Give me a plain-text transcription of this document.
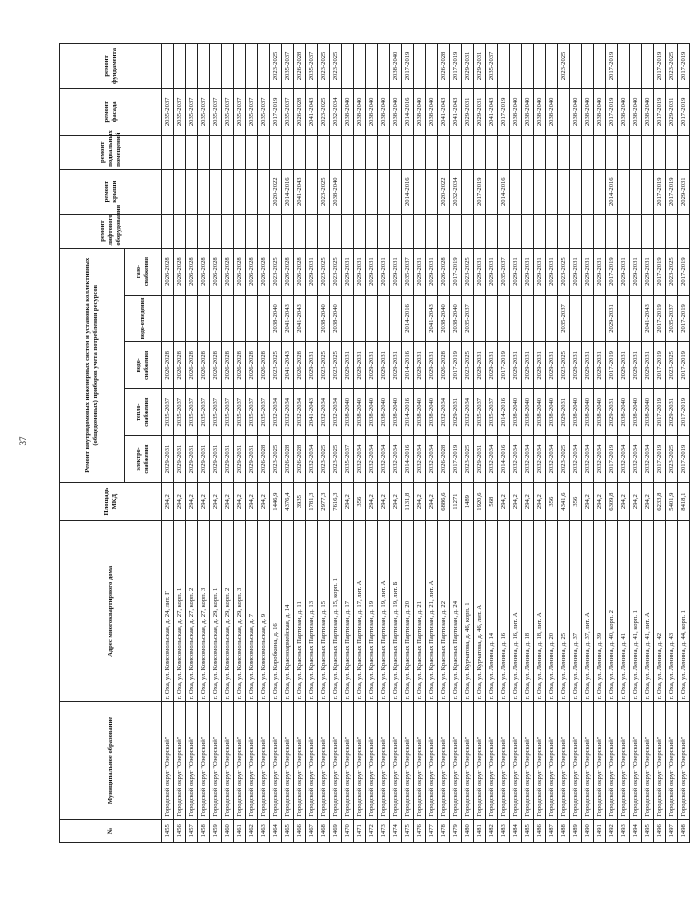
37
№	Муниципальное образование	Адрес многоквартирного дома	Площадь МКД	Ремонт внутридомовых инженерных систем и установка коллективных (общедомовых) приборов учета потребления ресурсов					ремонт лифтового оборудования	ремонт крыши	ремонт подвальных помещений	ремонт фасада	ремонт фундамента
				электро-снабжения	тепло-снабжения	водо-снабжения	водо-отведения	газо-снабжения					
1455	Городской округ "Озерский"	г. Оха, ул. Комсомольская, д. 24, лит. Г	294,2	2029-2031	2035-2037	2026-2028		2026-2028				2035-2037	
1456	Городской округ "Озерский"	г. Оха, ул. Комсомольская, д. 27, корп. 1	294,2	2029-2031	2035-2037	2026-2028		2026-2028				2035-2037	
1457	Городской округ "Озерский"	г. Оха, ул. Комсомольская, д. 27, корп. 2	294,2	2029-2031	2035-2037	2026-2028		2026-2028				2035-2037	
1458	Городской округ "Озерский"	г. Оха, ул. Комсомольская, д. 27, корп. 3	294,2	2029-2031	2035-2037	2026-2028		2026-2028				2035-2037	
1459	Городской округ "Озерский"	г. Оха, ул. Комсомольская, д. 29, корп. 1	294,2	2029-2031	2035-2037	2026-2028		2026-2028				2035-2037	
1460	Городской округ "Озерский"	г. Оха, ул. Комсомольская, д. 29, корп. 2	294,2	2029-2031	2035-2037	2026-2028		2026-2028				2035-2037	
1461	Городской округ "Озерский"	г. Оха, ул. Комсомольская, д. 29, корп. 3	294,2	2029-2031	2035-2037	2026-2028		2026-2028				2035-2037	
1462	Городской округ "Озерский"	г. Оха, ул. Комсомольская, д. 7	294,2	2029-2031	2035-2037	2026-2028		2026-2028				2035-2037	
1463	Городской округ "Озерский"	г. Оха, ул. Комсомольская, д. 9	294,2	2026-2028	2035-2037	2026-2028		2026-2028				2035-2037	
1464	Городской округ "Озерский"	г. Оха, ул. Коробкина, д. 16	1446,9	2023-2025	2032-2034	2023-2025	2038-2040	2023-2025		2020-2022		2017-2019	2023-2025
1465	Городской округ "Озерский"	г. Оха, ул. Красноармейская, д. 14	4376,4	2026-2028	2032-2034	2041-2043	2041-2043	2026-2028		2014-2016		2035-2037	2035-2037
1466	Городской округ "Озерский"	г. Оха, ул. Красных Партизан, д. 11	3935	2026-2028	2032-2034	2026-2028	2041-2043	2026-2028		2041-2043		2026-2028	2026-2028
1467	Городской округ "Озерский"	г. Оха, ул. Красных Партизан, д. 13	1781,3	2032-2034	2041-2043	2029-2031		2029-2031				2041-2043	2035-2037
1468	Городской округ "Озерский"	г. Оха, ул. Красных Партизан, д. 15	2977,3	2023-2025	2032-2034	2023-2025	2038-2040	2023-2025		2023-2025		2023-2025	2023-2025
1469	Городской округ "Озерский"	г. Оха, ул. Красных Партизан, д. 15, корп. 1	7616,3	2023-2025	2032-2034	2023-2025	2038-2040	2023-2025		2038-2040		2032-2034	2023-2025
1470	Городской округ "Озерский"	г. Оха, ул. Красных Партизан, д. 17	294,2	2035-2037	2038-2040	2029-2031		2029-2031				2038-2040	
1471	Городской округ "Озерский"	г. Оха, ул. Красных Партизан, д. 17, лит. А	356	2032-2034	2038-2040	2029-2031		2029-2031				2038-2040	
1472	Городской округ "Озерский"	г. Оха, ул. Красных Партизан, д. 19	294,2	2032-2034	2038-2040	2029-2031		2029-2031				2038-2040	
1473	Городской округ "Озерский"	г. Оха, ул. Красных Партизан, д. 19, лит. А	294,2	2032-2034	2038-2040	2029-2031		2029-2031				2038-2040	
1474	Городской округ "Озерский"	г. Оха, ул. Красных Партизан, д. 19, лит. Б	294,2	2032-2034	2038-2040	2029-2031		2029-2031				2038-2040	2038-2040
1475	Городской округ "Озерский"	г. Оха, ул. Красных Партизан, д. 20	1131,8	2014-2016	2014-2016	2014-2016	2014-2016	2035-2037		2014-2016		2014-2016	2017-2019
1476	Городской округ "Озерский"	г. Оха, ул. Красных Партизан, д. 21	294,2	2032-2034	2038-2040	2029-2031		2029-2031				2038-2040	
1477	Городской округ "Озерский"	г. Оха, ул. Красных Партизан, д. 21, лит. А	294,2	2032-2034	2038-2040	2029-2031	2041-2043	2029-2031				2038-2040	
1478	Городской округ "Озерский"	г. Оха, ул. Красных Партизан, д. 22	6886,6	2026-2028	2032-2034	2026-2028	2038-2040	2026-2028		2020-2022		2041-2043	2026-2028
1479	Городской округ "Озерский"	г. Оха, ул. Красных Партизан, д. 24	11271	2017-2019	2029-2031	2017-2019	2038-2040	2017-2019		2032-2034		2041-2043	2017-2019
1480	Городской округ "Озерский"	г. Оха, ул. Курчатова, д. 46, корп. 1	1489	2023-2025	2032-2034	2023-2025	2035-2037	2023-2025				2029-2031	2029-2031
1481	Городской округ "Озерский"	г. Оха, ул. Курчатова, д. 46, лит. А	1920,6	2029-2031	2035-2037	2029-2031		2029-2031		2017-2019		2029-2031	2029-2031
1482	Городской округ "Озерский"	г. Оха, ул. Ленина, д. 14	568	2032-2034	2035-2037	2029-2031		2029-2031				2041-2043	2035-2037
1483	Городской округ "Озерский"	г. Оха, ул. Ленина, д. 16	294,2	2014-2016	2014-2016	2017-2019		2035-2037		2014-2016		2017-2019	
1484	Городской округ "Озерский"	г. Оха, ул. Ленина, д. 16, лит. А	294,2	2032-2034	2038-2040	2029-2031		2029-2031				2038-2040	
1485	Городской округ "Озерский"	г. Оха, ул. Ленина, д. 18	294,2	2032-2034	2038-2040	2029-2031		2029-2031				2038-2040	
1486	Городской округ "Озерский"	г. Оха, ул. Ленина, д. 18, лит. А	294,2	2032-2034	2038-2040	2029-2031		2029-2031				2038-2040	
1487	Городской округ "Озерский"	г. Оха, ул. Ленина, д. 20	356	2032-2034	2038-2040	2029-2031		2029-2031				2038-2040	
1488	Городской округ "Озерский"	г. Оха, ул. Ленина, д. 25	4341,6	2023-2025	2029-2031	2023-2025	2035-2037	2023-2025					2023-2025
1489	Городской округ "Озерский"	г. Оха, ул. Ленина, д. 37	356	2032-2034	2038-2040	2029-2031		2029-2031				2038-2040	
1490	Городской округ "Озерский"	г. Оха, ул. Ленина, д. 37, лит. А	294,2	2032-2034	2038-2040	2029-2031		2029-2031				2038-2040	
1491	Городской округ "Озерский"	г. Оха, ул. Ленина, д. 39	294,2	2032-2034	2038-2040	2029-2031		2029-2031				2038-2040	
1492	Городской округ "Озерский"	г. Оха, ул. Ленина, д. 40, корп. 2	6309,8	2017-2019	2029-2031	2017-2019	2029-2031	2017-2019		2014-2016		2017-2019	2017-2019
1493	Городской округ "Озерский"	г. Оха, ул. Ленина, д. 41	294,2	2032-2034	2038-2040	2029-2031		2029-2031				2038-2040	
1494	Городской округ "Озерский"	г. Оха, ул. Ленина, д. 41, корп. 1	294,2	2032-2034	2038-2040	2029-2031		2029-2031				2038-2040	
1495	Городской округ "Озерский"	г. Оха, ул. Ленина, д. 41, лит. А	294,2	2032-2034	2038-2040	2029-2031	2041-2043	2029-2031				2038-2040	
1496	Городской округ "Озерский"	г. Оха, ул. Ленина, д. 42	6233,8	2017-2019	2017-2019	2017-2019	2017-2019	2017-2019		2017-2019		2017-2019	2017-2019
1497	Городской округ "Озерский"	г. Оха, ул. Ленина, д. 43	5401,9	2023-2025	2029-2031	2023-2025	2035-2037	2023-2025		2017-2019		2029-2031	2023-2025
1498	Городской округ "Озерский"	г. Оха, ул. Ленина, д. 44, корп. 1	8418,1	2017-2019	2017-2019	2017-2019	2017-2019	2017-2019		2029-2031		2017-2019	2017-2019
